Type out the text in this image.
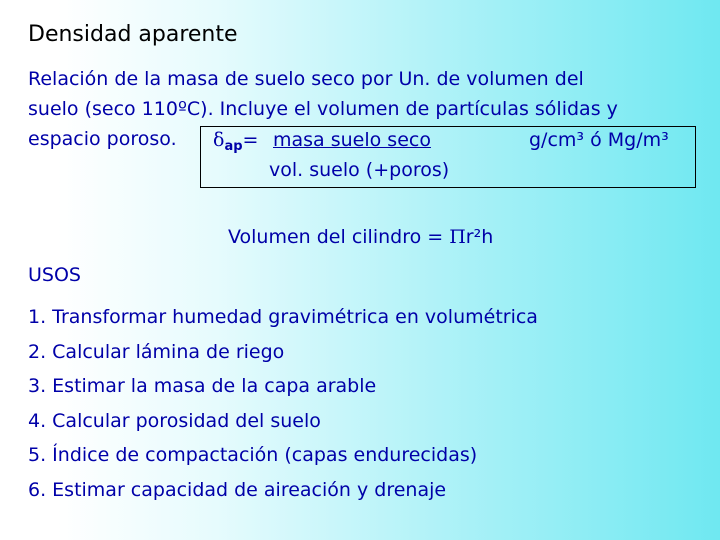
Densidad aparente
Relación de la masa de suelo seco por Un. de volumen del
suelo (seco 110ºC). Incluye el volumen de partículas sólidas y
espacio poroso. $\delta_{ap}=$ masa suelo seco
vol. suelo (+poros)
g/cm³ ó Mg/m³
Volumen del cilindro = Πr²h
USOS
1. Transformar humedad gravimétrica en volumétrica
2. Calcular lámina de riego
3. Estimar la masa de la capa arable
4. Calcular porosidad del suelo
5. Índice de compactación (capas endurecidas)
6. Estimar capacidad de aireación y drenaje
